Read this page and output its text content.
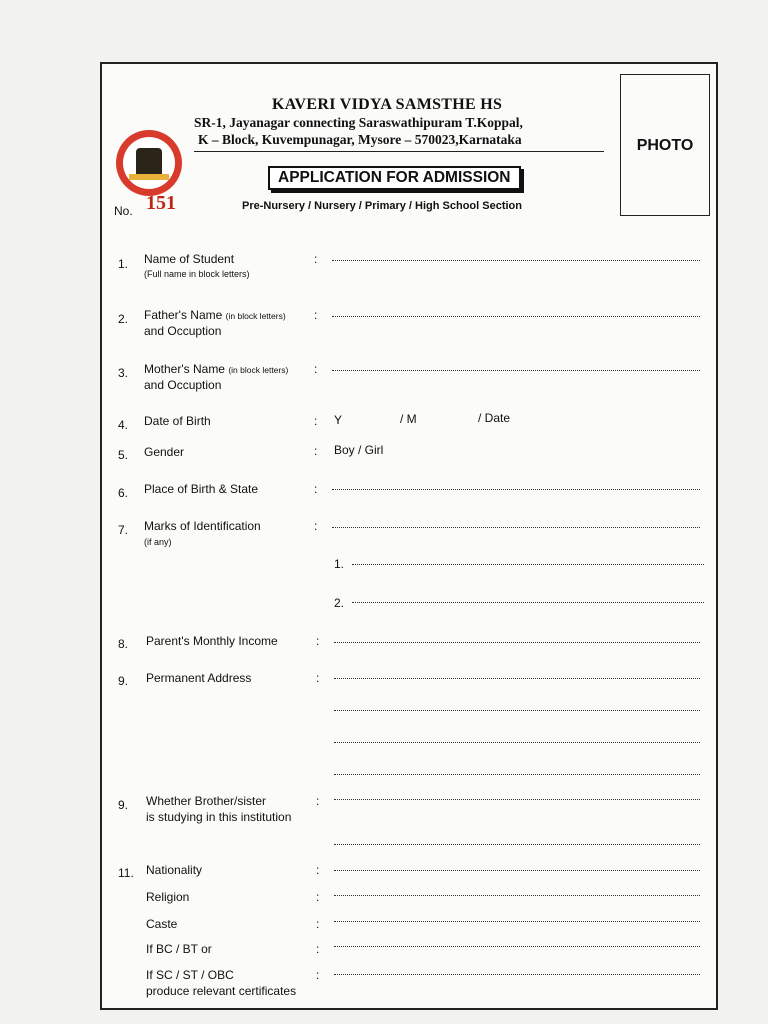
PHOTO
KAVERI VIDYA SAMSTHE HS
SR-1, Jayanagar connecting Saraswathipuram T.Koppal,
K – Block, Kuvempunagar, Mysore – 570023,Karnataka
APPLICATION FOR ADMISSION
No. 151	Pre-Nursery / Nursery / Primary / High School Section
1. Name of Student
(Full name in block letters)
:
2. Father's Name (in block letters)
and Occuption
:
3. Mother's Name (in block letters)
and Occuption
:
4. Date of Birth	: Y	/ M	/ Date
5. Gender	: Boy / Girl
6. Place of Birth & State	:
7. Marks of Identification
(if any)
:
1.
2.
8. Parent's Monthly Income	:
9. Permanent Address	:
9. Whether Brother/sister
is studying in this institution
:
11. Nationality	:
Religion	:
Caste	:
If BC / BT or	:
If SC / ST / OBC
produce relevant certificates
:
